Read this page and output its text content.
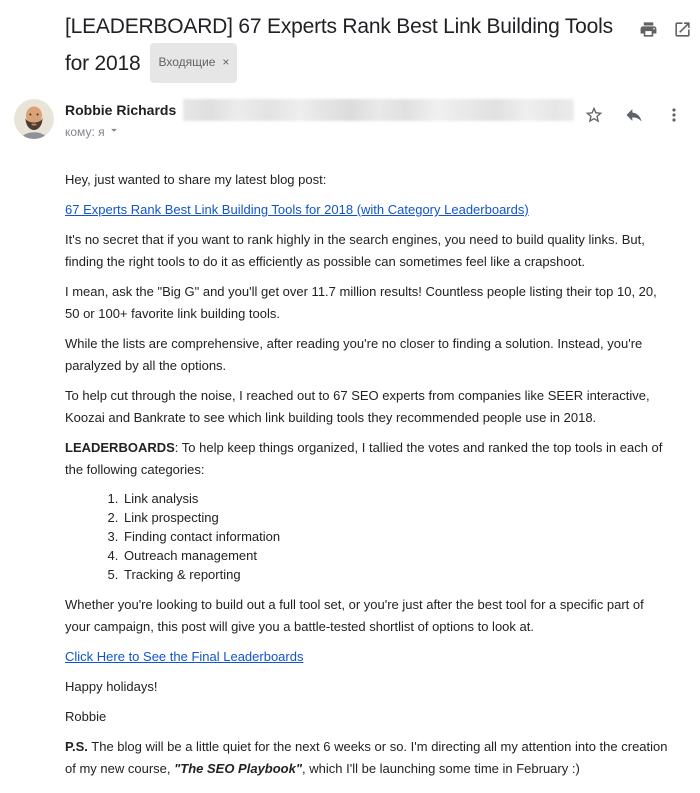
[LEADERBOARD] 67 Experts Rank Best Link Building Tools for 2018 Входящие ×
Robbie Richards
кому: я

Hey, just wanted to share my latest blog post:

67 Experts Rank Best Link Building Tools for 2018 (with Category Leaderboards)

It's no secret that if you want to rank highly in the search engines, you need to build quality links. But, finding the right tools to do it as efficiently as possible can sometimes feel like a crapshoot.

I mean, ask the "Big G" and you'll get over 11.7 million results! Countless people listing their top 10, 20, 50 or 100+ favorite link building tools.

While the lists are comprehensive, after reading you're no closer to finding a solution. Instead, you're paralyzed by all the options.

To help cut through the noise, I reached out to 67 SEO experts from companies like SEER interactive, Koozai and Bankrate to see which link building tools they recommended people use in 2018.

LEADERBOARDS: To help keep things organized, I tallied the votes and ranked the top tools in each of the following categories:

1. Link analysis
2. Link prospecting
3. Finding contact information
4. Outreach management
5. Tracking & reporting

Whether you're looking to build out a full tool set, or you're just after the best tool for a specific part of your campaign, this post will give you a battle-tested shortlist of options to look at.

Click Here to See the Final Leaderboards

Happy holidays!

Robbie

P.S. The blog will be a little quiet for the next 6 weeks or so. I'm directing all my attention into the creation of my new course, "The SEO Playbook", which I'll be launching some time in February :)
